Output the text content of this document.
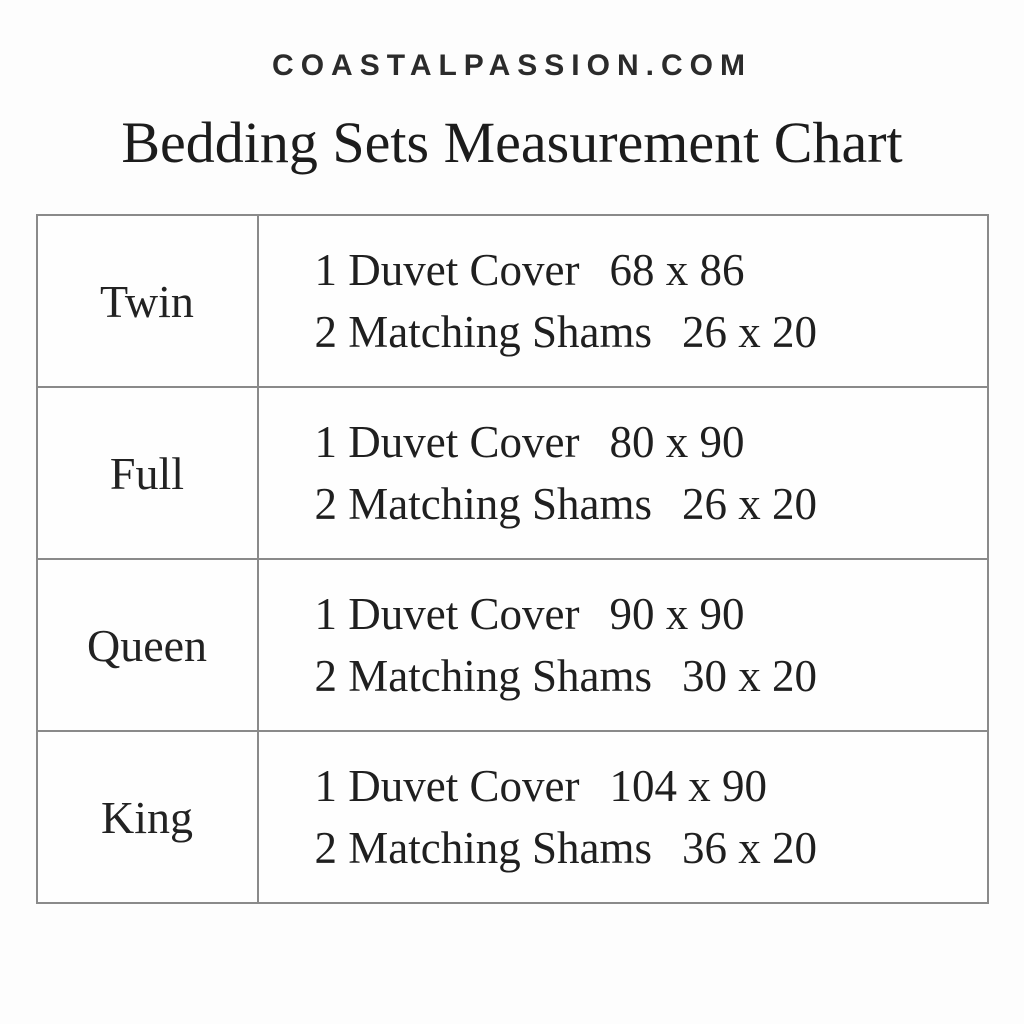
COASTALPASSION.COM
Bedding Sets Measurement Chart
Twin
1 Duvet Cover 68 x 86
2 Matching Shams 26 x 20
Full
1 Duvet Cover 80 x 90
2 Matching Shams 26 x 20
Queen
1 Duvet Cover 90 x 90
2 Matching Shams 30 x 20
King
1 Duvet Cover 104 x 90
2 Matching Shams 36 x 20
